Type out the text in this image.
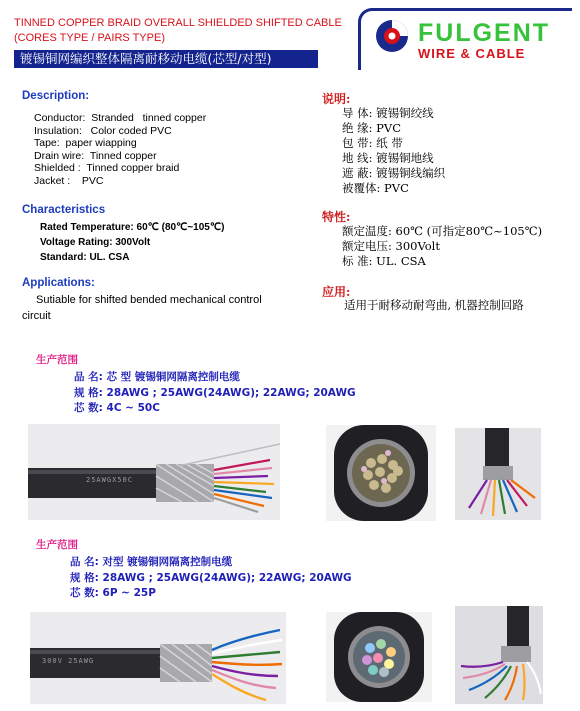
TINNED COPPER BRAID OVERALL SHIELDED SHIFTED CABLE
(CORES TYPE / PAIRS TYPE)
镀锡铜网编织整体隔离耐移动电缆(芯型/对型)
FULGENT
WIRE & CABLE
Description:
Conductor:  Stranded   tinned copper
Insulation:   Color coded PVC
Tape:  paper wiapping
Drain wire:  Tinned copper
Shielded :  Tinned copper braid
Jacket :    PVC
Characteristics
Rated Temperature: 60℃ (80℃~105℃)
Voltage Rating: 300Volt
Standard: UL. CSA
Applications:
Sutiable for shifted bended mechanical control
circuit
说明:
导 体: 镀锡铜绞线
绝 缘: PVC
包 带: 纸 带
地 线: 镀锡铜地线
遮 蔽: 镀锡铜线编织
被覆体: PVC
特性:
额定温度: 60℃ (可指定80℃~105℃)
额定电压: 300Volt
标 准: UL. CSA
应用:
适用于耐移动耐弯曲, 机器控制回路
生产范围
品 名: 芯 型 镀锡铜网隔离控制电缆
规 格: 28AWG ; 25AWG(24AWG); 22AWG; 20AWG
芯 数: 4C ~ 50C
25AWGX50C
生产范围
品 名: 对型 镀锡铜网隔离控制电缆
规 格: 28AWG ; 25AWG(24AWG); 22AWG; 20AWG
芯 数: 6P ~ 25P
300V 25AWG
